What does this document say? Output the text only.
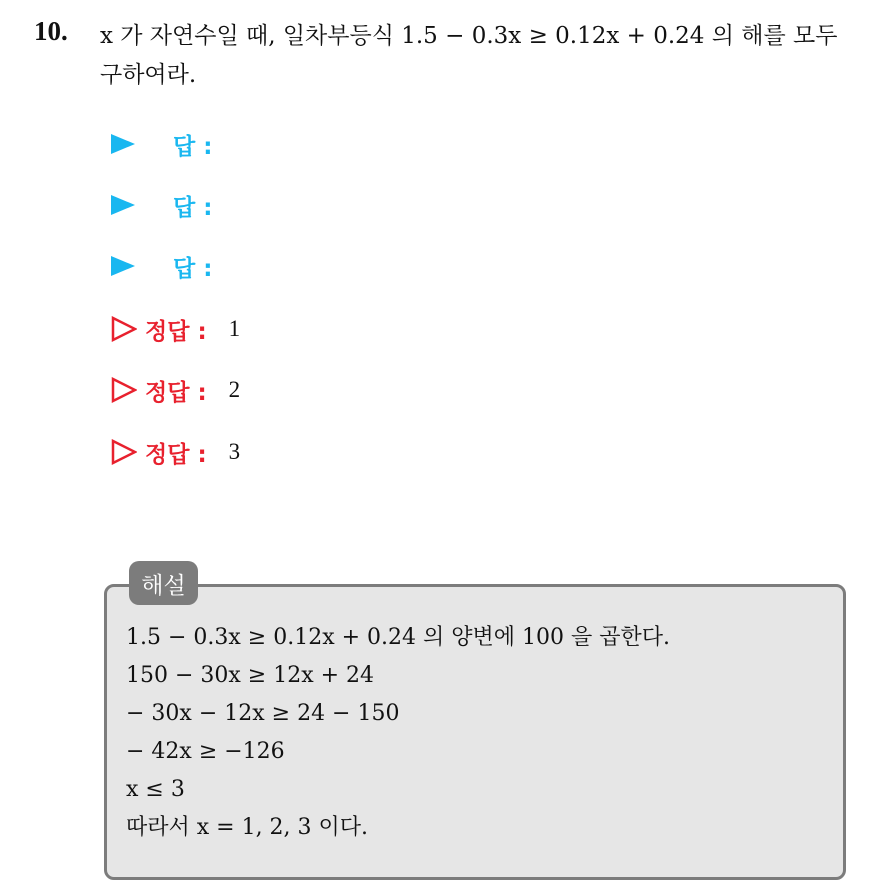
10. x 가 자연수일 때, 일차부등식 1.5 − 0.3x ≥ 0.12x + 0.24 의 해를 모두 구하여라.
답 :
답 :
답 :
정답 : 1
정답 : 2
정답 : 3
해설
1.5 − 0.3x ≥ 0.12x + 0.24 의 양변에 100 을 곱한다.
150 − 30x ≥ 12x + 24
− 30x − 12x ≥ 24 − 150
− 42x ≥ −126
x ≤ 3
따라서 x = 1, 2, 3 이다.
